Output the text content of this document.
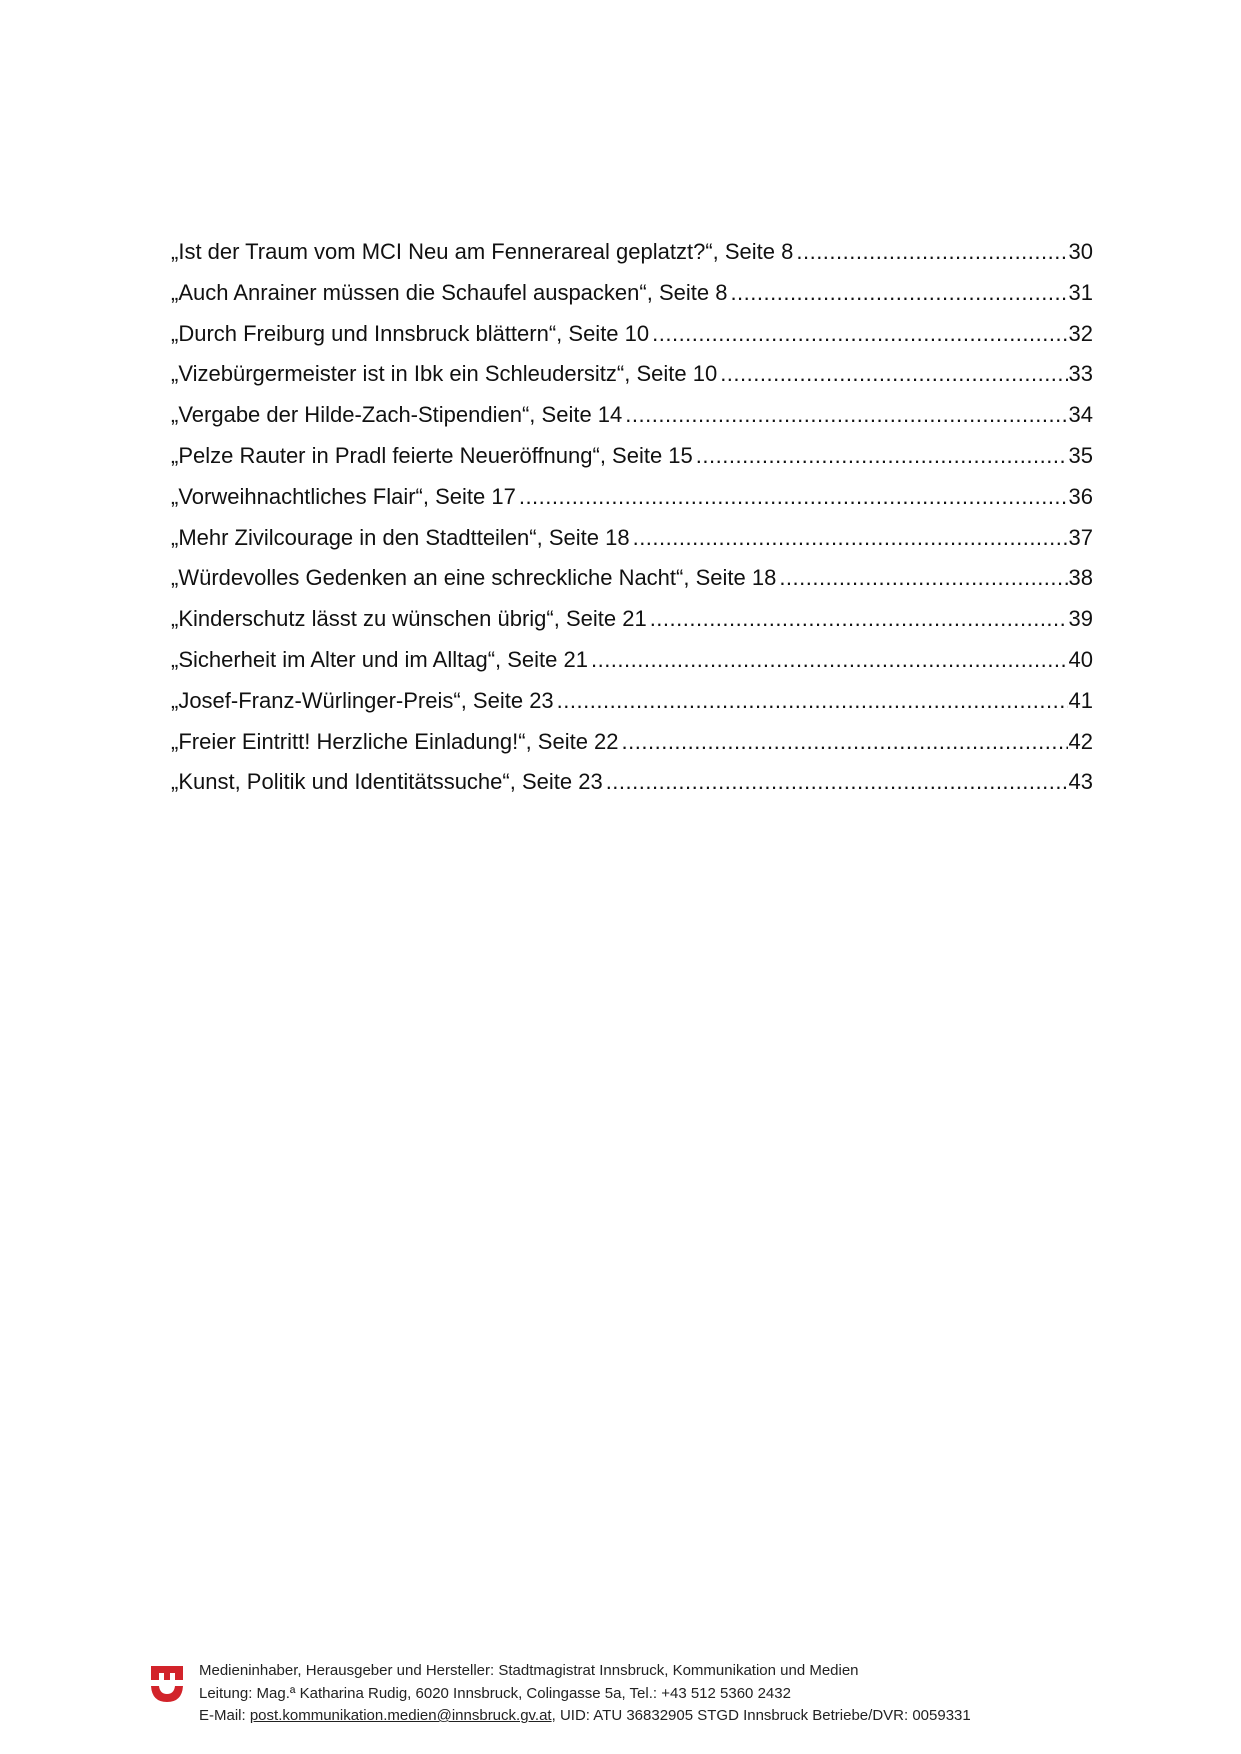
„Ist der Traum vom MCI Neu am Fennerareal geplatzt?“, Seite 8 .....	30
„Auch Anrainer müssen die Schaufel auspacken“, Seite 8 .....	31
„Durch Freiburg und Innsbruck blättern“, Seite 10 .....	32
„Vizebürgermeister ist in Ibk ein Schleudersitz“, Seite 10 .....	33
„Vergabe der Hilde-Zach-Stipendien“, Seite 14 .....	34
„Pelze Rauter in Pradl feierte Neueröffnung“, Seite 15 .....	35
„Vorweihnachtliches Flair“, Seite 17 .....	36
„Mehr Zivilcourage in den Stadtteilen“, Seite 18 .....	37
„Würdevolles Gedenken an eine schreckliche Nacht“, Seite 18 .....	38
„Kinderschutz lässt zu wünschen übrig“, Seite 21 .....	39
„Sicherheit im Alter und im Alltag“, Seite 21 .....	40
„Josef-Franz-Würlinger-Preis“, Seite 23 .....	41
„Freier Eintritt! Herzliche Einladung!“, Seite 22 .....	42
„Kunst, Politik und Identitätssuche“, Seite 23 .....	43
Medieninhaber, Herausgeber und Hersteller: Stadtmagistrat Innsbruck, Kommunikation und Medien
Leitung: Mag.ª Katharina Rudig, 6020 Innsbruck, Colingasse 5a, Tel.: +43 512 5360 2432
E-Mail: post.kommunikation.medien@innsbruck.gv.at, UID: ATU 36832905 STGD Innsbruck Betriebe/DVR: 0059331
